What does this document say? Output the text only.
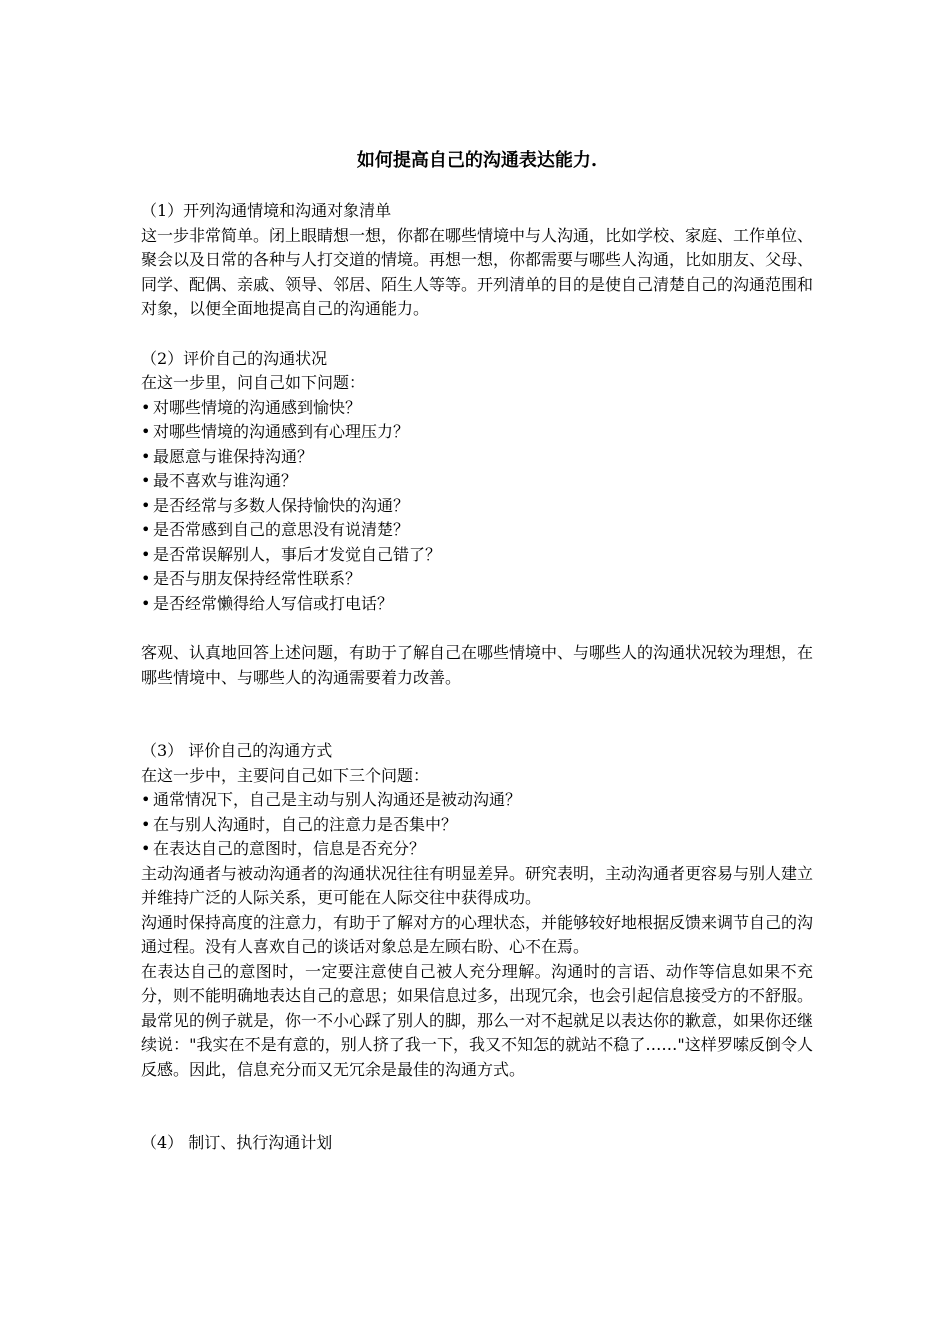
如何提高自己的沟通表达能力.

（1）开列沟通情境和沟通对象清单

这一步非常简单。闭上眼睛想一想，你都在哪些情境中与人沟通，比如学校、家庭、工作单位、聚会以及日常的各种与人打交道的情境。再想一想，你都需要与哪些人沟通，比如朋友、父母、同学、配偶、亲戚、领导、邻居、陌生人等等。开列清单的目的是使自己清楚自己的沟通范围和对象，以便全面地提高自己的沟通能力。

（2）评价自己的沟通状况

在这一步里，问自己如下问题：

• 对哪些情境的沟通感到愉快？
• 对哪些情境的沟通感到有心理压力？
• 最愿意与谁保持沟通？
• 最不喜欢与谁沟通？
• 是否经常与多数人保持愉快的沟通？
• 是否常感到自己的意思没有说清楚？
• 是否常误解别人，事后才发觉自己错了？
• 是否与朋友保持经常性联系？
• 是否经常懒得给人写信或打电话？

客观、认真地回答上述问题，有助于了解自己在哪些情境中、与哪些人的沟通状况较为理想，在哪些情境中、与哪些人的沟通需要着力改善。

（3） 评价自己的沟通方式

在这一步中，主要问自己如下三个问题：

• 通常情况下，自己是主动与别人沟通还是被动沟通？
• 在与别人沟通时，自己的注意力是否集中？
• 在表达自己的意图时，信息是否充分？

主动沟通者与被动沟通者的沟通状况往往有明显差异。研究表明，主动沟通者更容易与别人建立并维持广泛的人际关系，更可能在人际交往中获得成功。

沟通时保持高度的注意力，有助于了解对方的心理状态，并能够较好地根据反馈来调节自己的沟通过程。没有人喜欢自己的谈话对象总是左顾右盼、心不在焉。

在表达自己的意图时，一定要注意使自己被人充分理解。沟通时的言语、动作等信息如果不充分，则不能明确地表达自己的意思；如果信息过多，出现冗余，也会引起信息接受方的不舒服。最常见的例子就是，你一不小心踩了别人的脚，那么一对不起就足以表达你的歉意，如果你还继续说："我实在不是有意的，别人挤了我一下，我又不知怎的就站不稳了……"这样罗嗦反倒令人反感。因此，信息充分而又无冗余是最佳的沟通方式。

（4） 制订、执行沟通计划
